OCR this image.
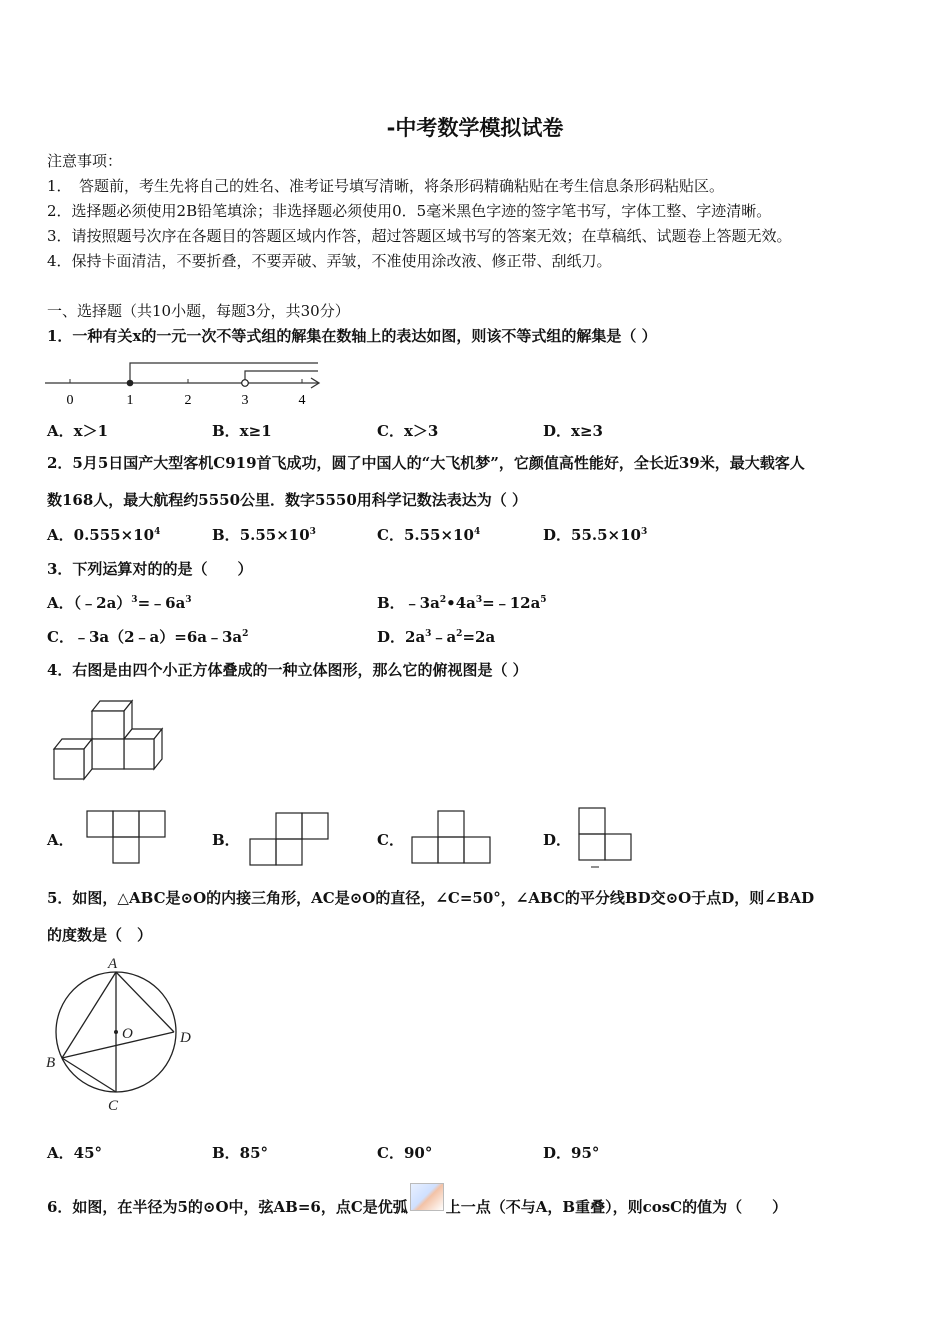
-中考数学模拟试卷
注意事项：
1．　答题前，考生先将自己的姓名、准考证号填写清晰，将条形码精确粘贴在考生信息条形码粘贴区。
2．选择题必须使用2B铅笔填涂；非选择题必须使用0．5毫米黑色字迹的签字笔书写，字体工整、字迹清晰。
3．请按照题号次序在各题目的答题区域内作答，超过答题区域书写的答案无效；在草稿纸、试题卷上答题无效。
4．保持卡面清洁，不要折叠，不要弄破、弄皱，不准使用涂改液、修正带、刮纸刀。
一、选择题（共10小题，每题3分，共30分）
1．一种有关x的一元一次不等式组的解集在数轴上的表达如图，则该不等式组的解集是（ ）
0	1	2	3	4
A．x＞1	B．x≥1	C．x＞3	D．x≥3
2．5月5日国产大型客机C919首飞成功，圆了中国人的“大飞机梦”，它颜值高性能好，全长近39米，最大载客人
数168人，最大航程约5550公里．数字5550用科学记数法表达为（ ）
A．$0.555\times 10^4$	B．$5.55\times 10^3$	C．$5.55\times 10^4$	D．$55.5\times 10^3$
3．下列运算对的的是（　　）
A．$(﹣2a)^3=﹣6a^3$	B．$﹣3a^2•4a^3=﹣12a^5$
C．$﹣3a(2﹣a)=6a﹣3a^2$	D．$2a^3﹣a^2=2a$
4．右图是由四个小正方体叠成的一种立体图形，那么它的俯视图是（ ）
A．	B．	C．	D．
5．如图，△ABC是⊙O的内接三角形，AC是⊙O的直径，∠C=50°，∠ABC的平分线BD交⊙O于点D，则∠BAD
的度数是（　）
A
B
C
D
O
A．45°	B．85°	C．90°	D．95°
6．如图，在半径为5的⊙O中，弦AB=6，点C是优弧	上一点（不与A，B重叠），则cosC的值为（　　）
